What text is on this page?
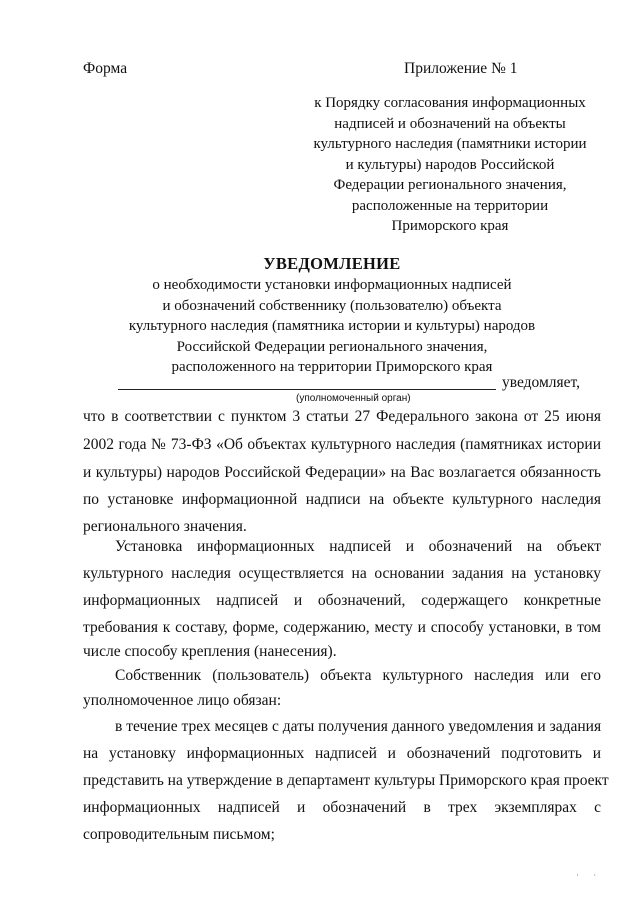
Форма	Приложение № 1
к Порядку согласования информационных
надписей и обозначений на объекты
культурного наследия (памятники истории
и культуры) народов Российской
Федерации регионального значения,
расположенные на территории
Приморского края
УВЕДОМЛЕНИЕ
о необходимости установки информационных надписей
и обозначений собственнику (пользователю) объекта
культурного наследия (памятника истории и культуры) народов
Российской Федерации регионального значения,
расположенного на территории Приморского края
уведомляет,
(уполномоченный орган)
что в соответствии с пунктом 3 статьи 27 Федерального закона от 25 июня
2002 года № 73-ФЗ «Об объектах культурного наследия (памятниках истории
и культуры) народов Российской Федерации» на Вас возлагается обязанность
по установке информационной надписи на объекте культурного наследия
регионального значения.
Установка информационных надписей и обозначений на объект
культурного наследия осуществляется на основании задания на установку
информационных надписей и обозначений, содержащего конкретные
требования к составу, форме, содержанию, месту и способу установки, в том
числе способу крепления (нанесения).
Собственник (пользователь) объекта культурного наследия или его
уполномоченное лицо обязан:
в течение трех месяцев с даты получения данного уведомления и задания
на установку информационных надписей и обозначений подготовить и
представить на утверждение в департамент культуры Приморского края проект
информационных надписей и обозначений в трех экземплярах с
сопроводительным письмом;
· ·
